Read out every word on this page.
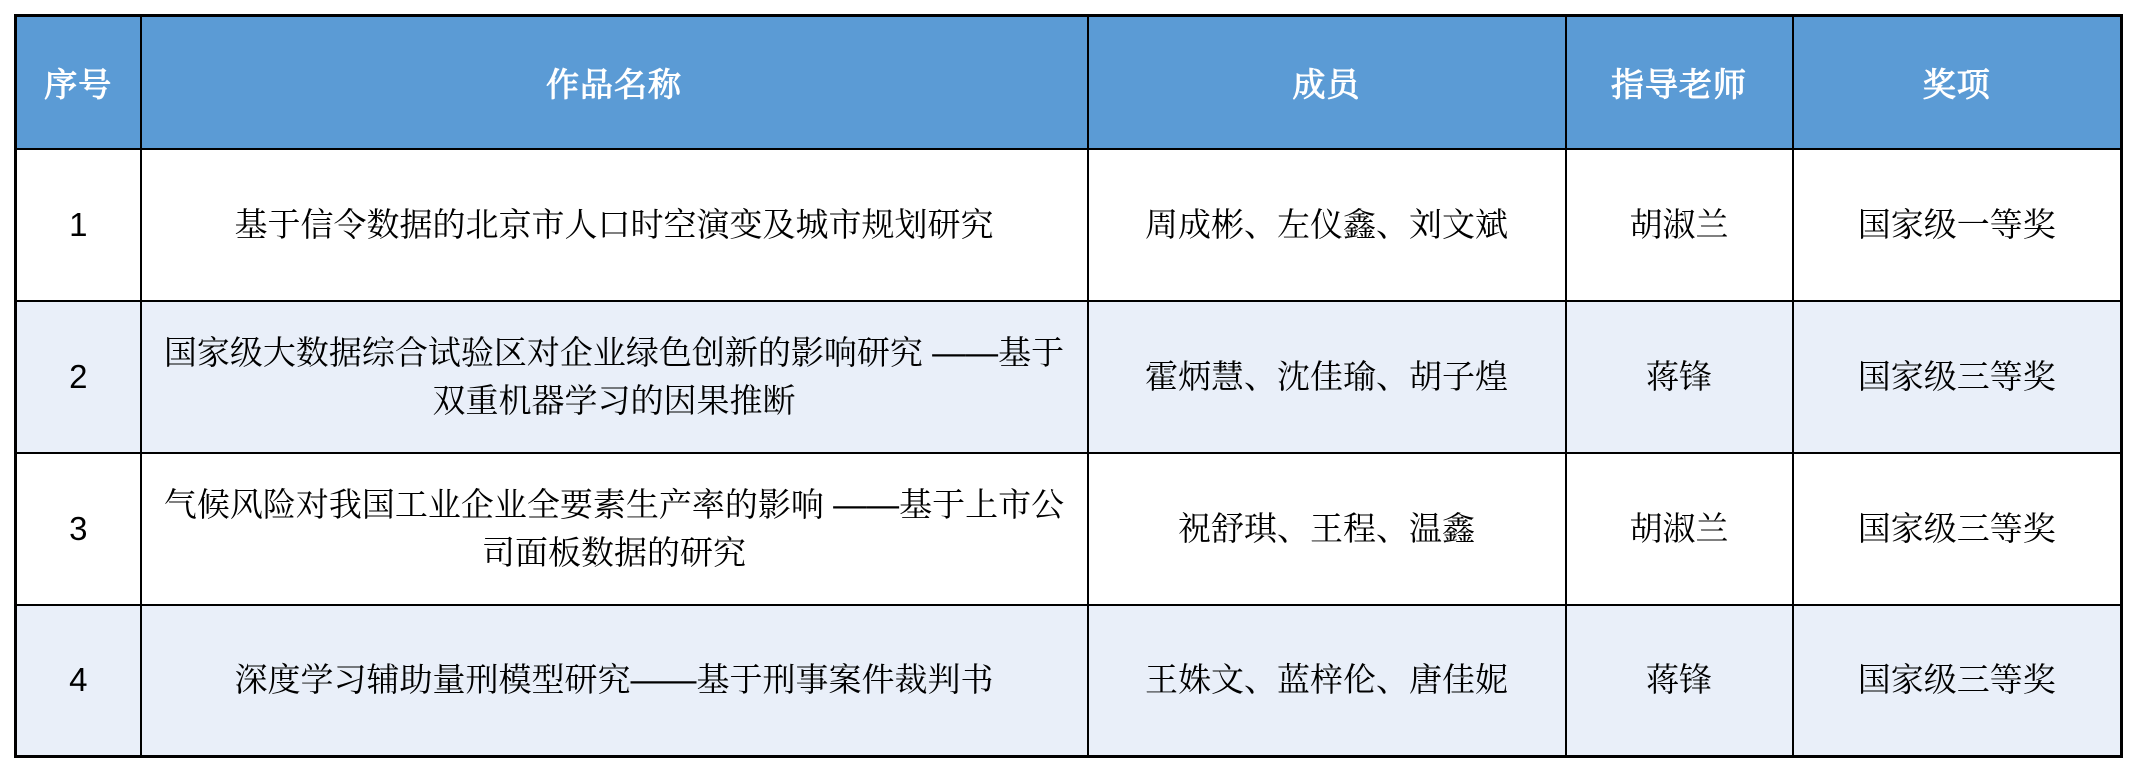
序号	作品名称	成员	指导老师	奖项
1	基于信令数据的北京市人口时空演变及城市规划研究	周成彬、左仪鑫、刘文斌	胡淑兰	国家级一等奖
2	国家级大数据综合试验区对企业绿色创新的影响研究 ——基于双重机器学习的因果推断	霍炳慧、沈佳瑜、胡子煌	蒋锋	国家级三等奖
3	气候风险对我国工业企业全要素生产率的影响 ——基于上市公司面板数据的研究	祝舒琪、王程、温鑫	胡淑兰	国家级三等奖
4	深度学习辅助量刑模型研究——基于刑事案件裁判书	王姝文、蓝梓伦、唐佳妮	蒋锋	国家级三等奖
